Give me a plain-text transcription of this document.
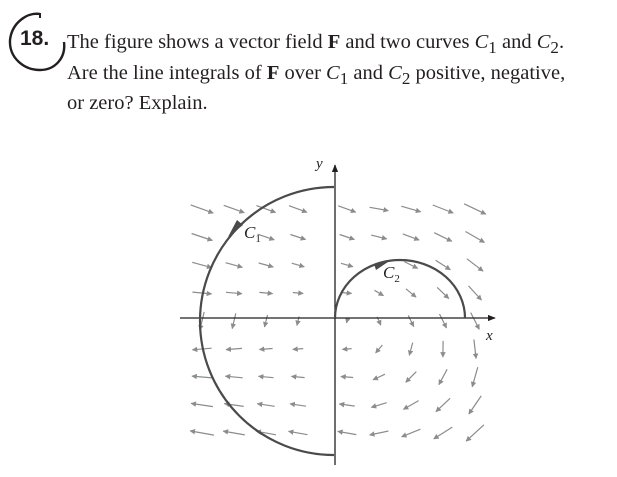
18. The figure shows a vector field F and two curves $C_1$ and $C_2$.
Are the line integrals of F over $C_1$ and $C_2$ positive, negative,
or zero? Explain.
y
x
$C_1$
$C_2$
